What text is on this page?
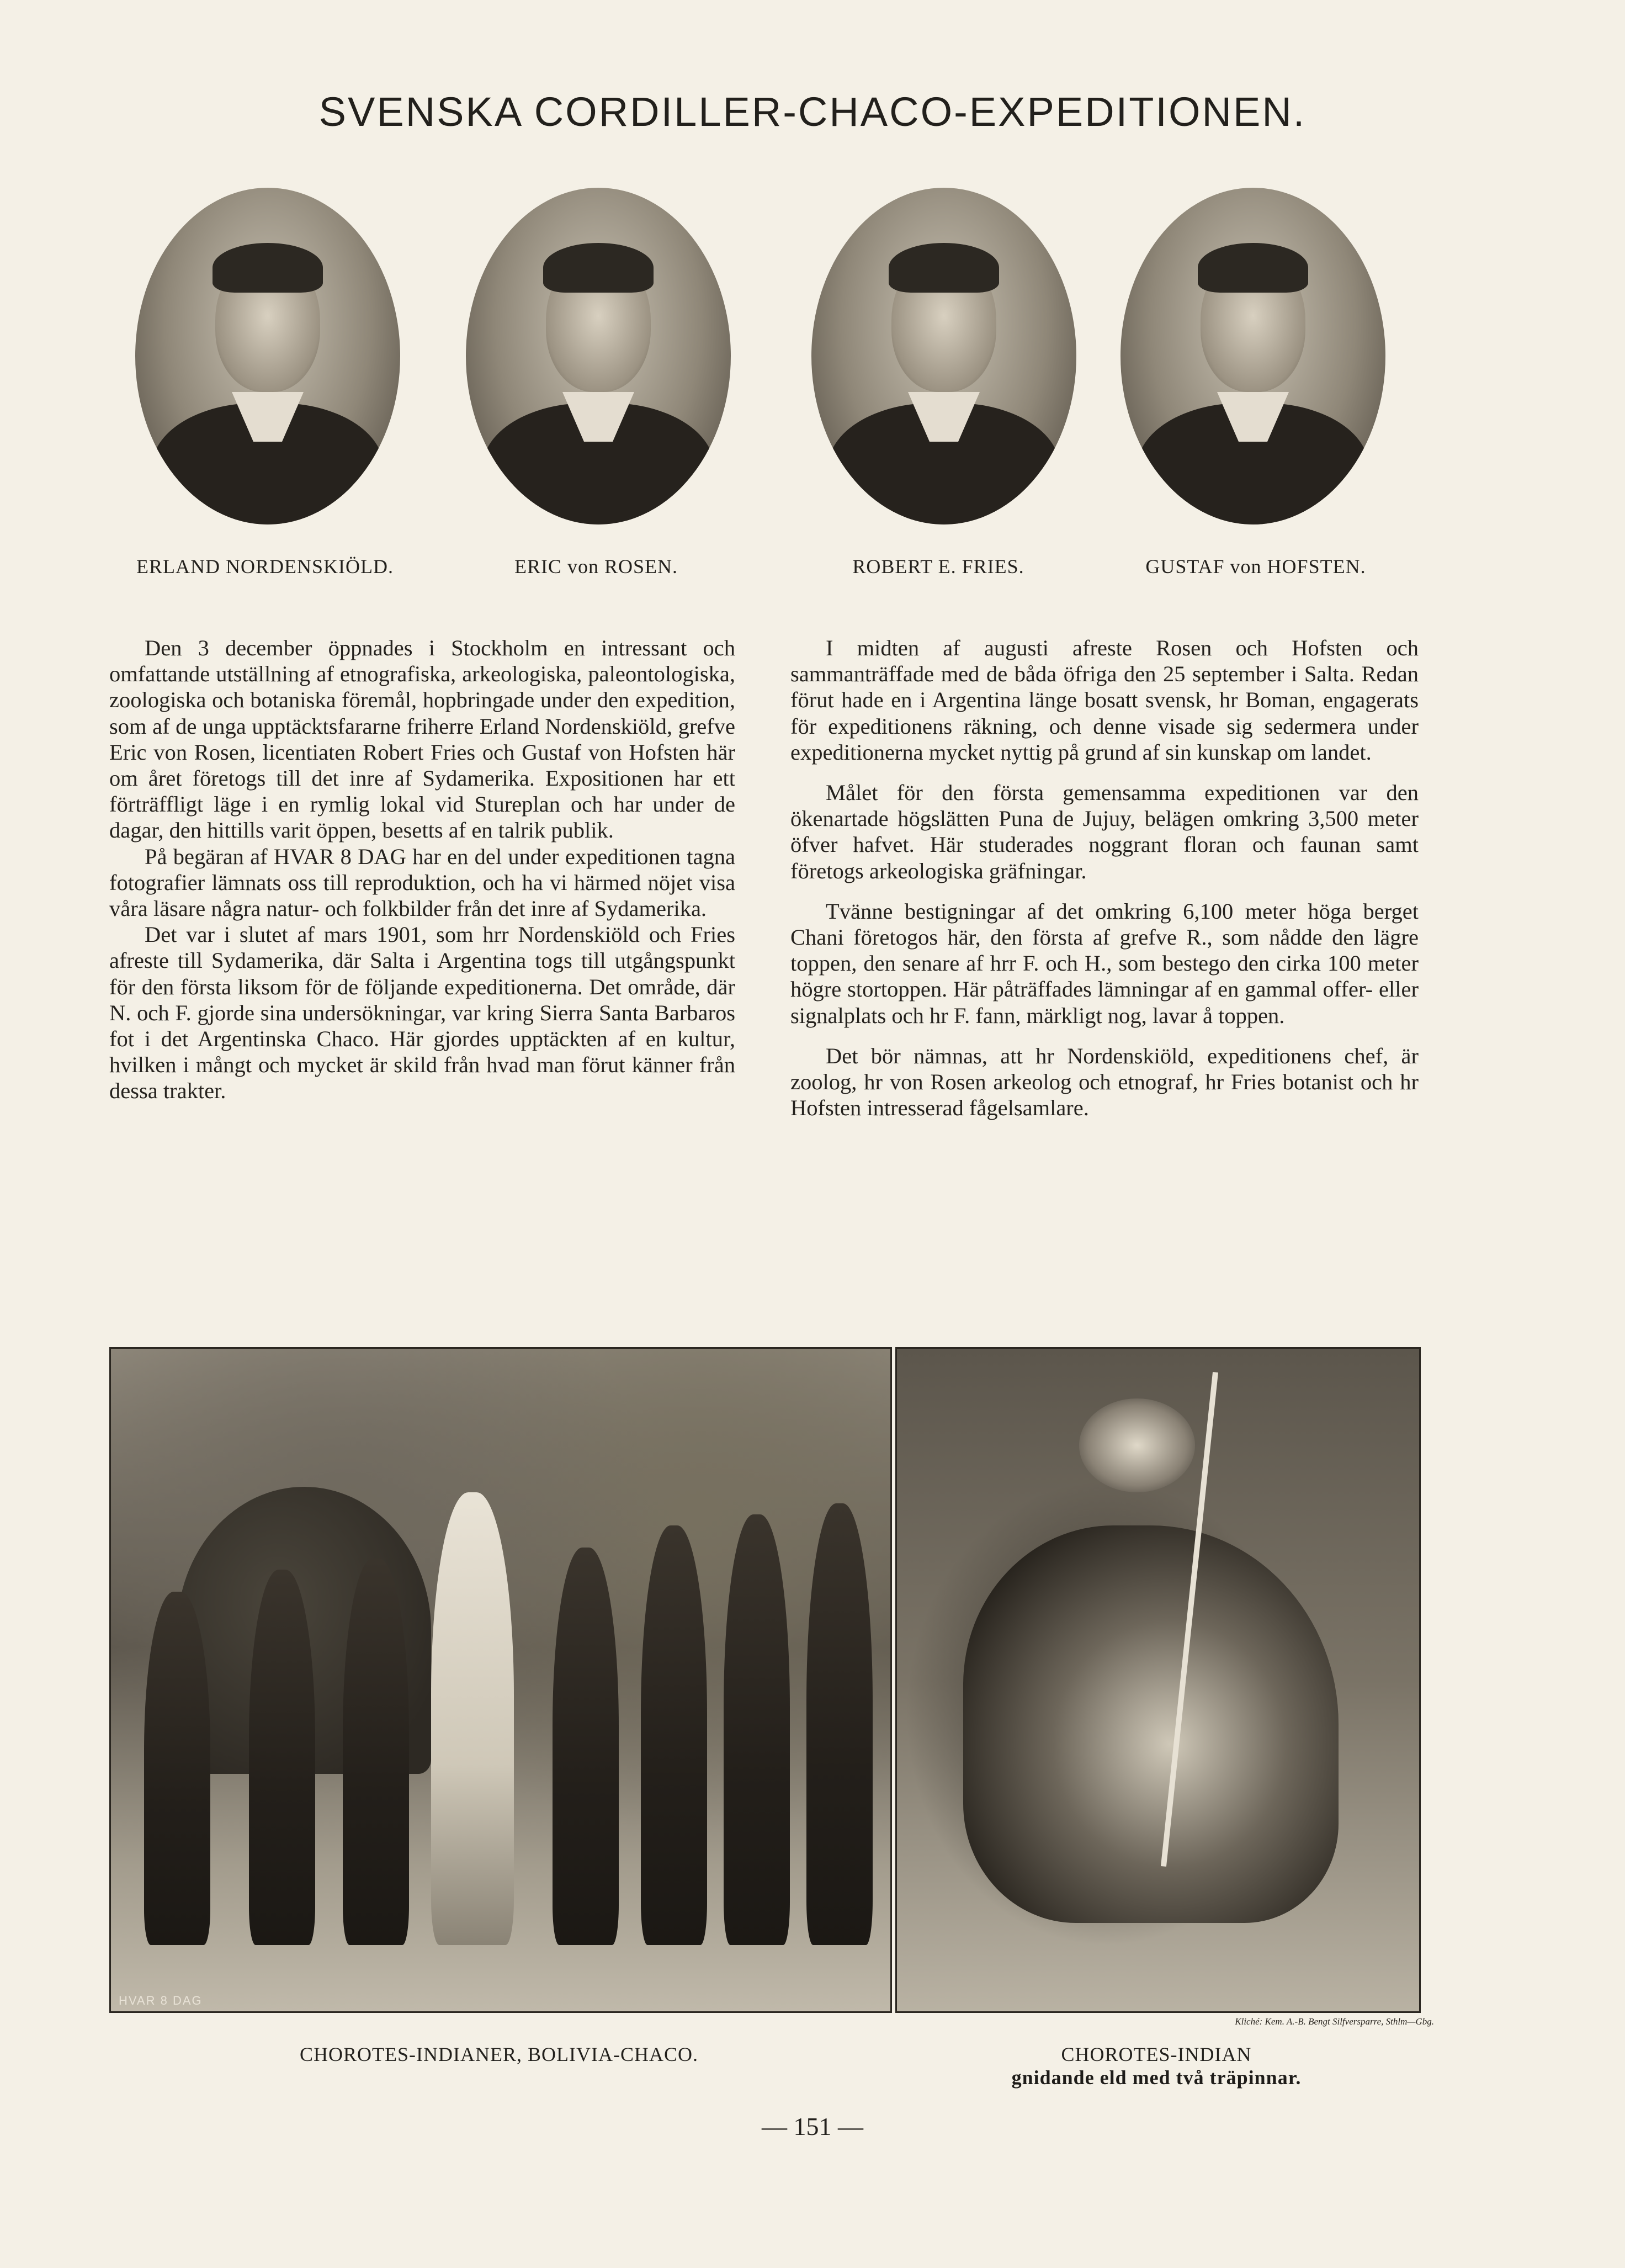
SVENSKA CORDILLER-CHACO-EXPEDITIONEN.
ERLAND NORDENSKIÖLD.	ERIC von ROSEN.	ROBERT E. FRIES.	GUSTAF von HOFSTEN.

Den 3 december öppnades i Stockholm en intressant och omfattande utställning af etnografiska, arkeologiska, paleontologiska, zoologiska och botaniska föremål, hopbringade under den expedition, som af de unga upptäcktsfararne friherre Erland Nordenskiöld, grefve Eric von Rosen, licentiaten Robert Fries och Gustaf von Hofsten här om året företogs till det inre af Sydamerika. Expositionen har ett förträffligt läge i en rymlig lokal vid Stureplan och har under de dagar, den hittills varit öppen, besetts af en talrik publik.

På begäran af HVAR 8 DAG har en del under expeditionen tagna fotografier lämnats oss till reproduktion, och ha vi härmed nöjet visa våra läsare några natur- och folkbilder från det inre af Sydamerika.

Det var i slutet af mars 1901, som hrr Nordenskiöld och Fries afreste till Sydamerika, där Salta i Argentina togs till utgångspunkt för den första liksom för de följande expeditionerna. Det område, där N. och F. gjorde sina undersökningar, var kring Sierra Santa Barbaros fot i det Argentinska Chaco. Här gjordes upptäckten af en kultur, hvilken i mångt och mycket är skild från hvad man förut känner från dessa trakter.

I midten af augusti afreste Rosen och Hofsten och sammanträffade med de båda öfriga den 25 september i Salta. Redan förut hade en i Argentina länge bosatt svensk, hr Boman, engagerats för expeditionens räkning, och denne visade sig sedermera under expeditionerna mycket nyttig på grund af sin kunskap om landet.

Målet för den första gemensamma expeditionen var den ökenartade högslätten Puna de Jujuy, belägen omkring 3,500 meter öfver hafvet. Här studerades noggrant floran och faunan samt företogs arkeologiska gräfningar.

Tvänne bestigningar af det omkring 6,100 meter höga berget Chani företogos här, den första af grefve R., som nådde den lägre toppen, den senare af hrr F. och H., som bestego den cirka 100 meter högre stortoppen. Här påträffades lämningar af en gammal offer- eller signalplats och hr F. fann, märkligt nog, lavar å toppen.

Det bör nämnas, att hr Nordenskiöld, expeditionens chef, är zoolog, hr von Rosen arkeolog och etnograf, hr Fries botanist och hr Hofsten intresserad fågelsamlare.

HVAR 8 DAG
Kliché: Kem. A.-B. Bengt Silfversparre, Sthlm—Gbg.
CHOROTES-INDIANER, BOLIVIA-CHACO.	CHOROTES-INDIAN
gnidande eld med två träpinnar.
— 151 —
